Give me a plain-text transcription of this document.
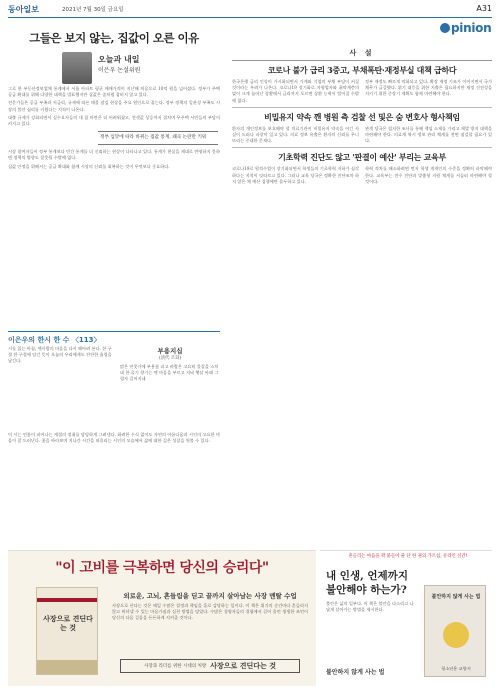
동아일보	2021년 7월 30일 금요일	A31
pinion
그들은 보지 않는, 집값이 오른 이유
오늘과 내일
이은우 논설위원

그로 한 부동산정보업체 통계에서 서울 아파트 평균 매매가격이 지난해 처음으로 10억 원을 넘어섰다. 정부가 주택 공급 확대를 위해 다양한 대책을 발표했지만 집값은 좀처럼 잡히지 않고 있다.

전문가들은 공급 부족과 저금리, 규제에 따른 매물 잠김 현상을 주요 원인으로 꼽는다. 정부 정책의 일관성 부족도 시장의 불안 심리를 키웠다는 지적이 나온다.

대출 규제가 강화되면서 실수요자들의 내 집 마련은 더 어려워졌고, 전셋값 상승까지 겹치며 무주택 서민들의 부담이 커지고 있다.

정부 입맛에 따라 바뀌는 집값 통계, 왜곡 논란만 키워

시장 참여자들이 정부 통계보다 민간 통계를 더 신뢰하는 현상이 나타나고 있다. 통계가 현실을 제대로 반영하지 못하면 정책의 방향도 잘못될 수밖에 없다.

집값 안정을 위해서는 공급 확대와 함께 시장의 신뢰를 회복하는 것이 무엇보다 중요하다.

이은우의 한시 한 수 〈113〉
시를 읽는 아침, 옛사람의 마음을 다시 헤아려 본다. 한 구절 한 구절에 담긴 뜻이 오늘의 우리에게도 잔잔한 울림을 남긴다.
부용지십
(淸代 조화)
맑은 연못가에 부용꽃 피고 바람은 고요히 물결을 스치네 한 줄기 향기는 옛 마음을 부르고 저녁 햇살 아래 그림자 길어지네
이 시는 연꽃이 피어나는 계절의 정취를 담담하게 그려낸다. 화려한 수식 없이도 자연의 아름다움과 시인의 고요한 마음이 잘 드러난다. 꽃을 바라보며 지나간 시간을 떠올리는 시인의 모습에서 삶에 대한 깊은 성찰을 엿볼 수 있다.
사 설
코로나 불가 급리 3중고, 부채폭탄·재정부실 대책 급하다
한국은행 금리 인상이 가시화되면서 가계와 기업의 부채 부담이 커질 것이라는 우려가 나온다. 코로나19 장기화로 자영업자와 취약계층의 빚이 크게 늘어난 상황에서 금리까지 오르면 상환 능력이 떨어질 수밖에 없다.
정부 재정도 빠르게 악화되고 있다. 확장 재정 기조가 이어지면서 국가채무가 급증했다. 위기 대응을 위한 지출은 필요하지만 재정 건전성을 지키기 위한 중장기 계획도 함께 마련해야 한다.
비밀유지 약속 깬 병원 측 검찰 선 및은 숨 변호사 형사책임
환자의 개인정보를 보호해야 할 의료기관이 비밀유지 약속을 어긴 사실이 드러나 파장이 일고 있다. 의료 정보 유출은 환자의 신뢰를 무너뜨리는 중대한 문제다.
관계 당국은 철저한 조사를 통해 책임 소재를 가리고 재발 방지 대책을 마련해야 한다. 의료계 역시 정보 관리 체계를 전면 점검할 필요가 있다.
기초학력 진단도 않고 '판결이 예산' 부리는 교육부
코로나19로 원격수업이 장기화되면서 학생들의 기초학력 저하가 심각하다는 지적이 잇따르고 있다. 그러나 교육 당국은 정확한 진단조차 하지 않은 채 예산 집행에만 몰두하고 있다.
학력 격차를 해소하려면 먼저 학생 개개인의 수준을 정확히 파악해야 한다. 교육부는 전수 진단과 맞춤형 지원 체계를 서둘러 마련해야 할 것이다.
"이 고비를 극복하면 당신의 승리다"
사장으로 견딘다는 것
외로운, 고뇌, 흔들림을 딛고 끝까지 살아남는 사장 멘탈 수업
사장으로 산다는 것은 매일 수많은 결정과 책임을 홀로 감당하는 일이다. 이 책은 위기의 순간마다 흔들리지 않고 버텨낼 수 있는 마음가짐과 실천 방법을 담았다. 수많은 경영자들의 경험에서 길어 올린 생생한 조언이 당신의 다음 걸음을 든든하게 지켜줄 것이다.
사장과 리더를 위한 시대의 처방 사장으로 견딘다는 것
흔들리는 마음을 꽉 붙들어 줄 단 한 권의 가르침, 유라인 신간!
내 인생, 언제까지 불안해야 하는가?
불안은 삶의 일부다. 이 책은 불안을 다스리고 나답게 살아가는 방법을 제시한다.
불안하지 않게 사는 법
청소년용 교양서
불안하지 않게 사는 법
